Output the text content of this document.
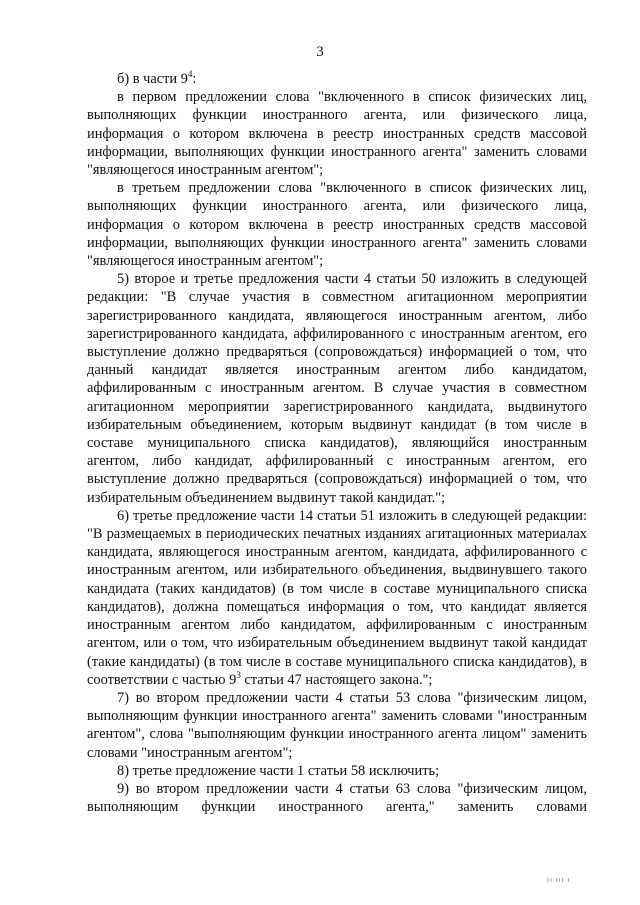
3

б) в части $9^4$:

в первом предложении слова "включенного в список физических лиц, выполняющих функции иностранного агента, или физического лица, информация о котором включена в реестр иностранных средств массовой информации, выполняющих функции иностранного агента" заменить словами "являющегося иностранным агентом";

в третьем предложении слова "включенного в список физических лиц, выполняющих функции иностранного агента, или физического лица, информация о котором включена в реестр иностранных средств массовой информации, выполняющих функции иностранного агента" заменить словами "являющегося иностранным агентом";

5) второе и третье предложения части 4 статьи 50 изложить в следующей редакции: "В случае участия в совместном агитационном мероприятии зарегистрированного кандидата, являющегося иностранным агентом, либо зарегистрированного кандидата, аффилированного с иностранным агентом, его выступление должно предваряться (сопровождаться) информацией о том, что данный кандидат является иностранным агентом либо кандидатом, аффилированным с иностранным агентом. В случае участия в совместном агитационном мероприятии зарегистрированного кандидата, выдвинутого избирательным объединением, которым выдвинут кандидат (в том числе в составе муниципального списка кандидатов), являющийся иностранным агентом, либо кандидат, аффилированный с иностранным агентом, его выступление должно предваряться (сопровождаться) информацией о том, что избирательным объединением выдвинут такой кандидат.";

6) третье предложение части 14 статьи 51 изложить в следующей редакции: "В размещаемых в периодических печатных изданиях агитационных материалах кандидата, являющегося иностранным агентом, кандидата, аффилированного с иностранным агентом, или избирательного объединения, выдвинувшего такого кандидата (таких кандидатов) (в том числе в составе муниципального списка кандидатов), должна помещаться информация о том, что кандидат является иностранным агентом либо кандидатом, аффилированным с иностранным агентом, или о том, что избирательным объединением выдвинут такой кандидат (такие кандидаты) (в том числе в составе муниципального списка кандидатов), в соответствии с частью $9^3$ статьи 47 настоящего закона.";

7) во втором предложении части 4 статьи 53 слова "физическим лицом, выполняющим функции иностранного агента" заменить словами "иностранным агентом", слова "выполняющим функции иностранного агента лицом" заменить словами "иностранным агентом";

8) третье предложение части 1 статьи 58 исключить;

9) во втором предложении части 4 статьи 63 слова "физическим лицом, выполняющим функции иностранного агента," заменить словами

ıı ııı ı
